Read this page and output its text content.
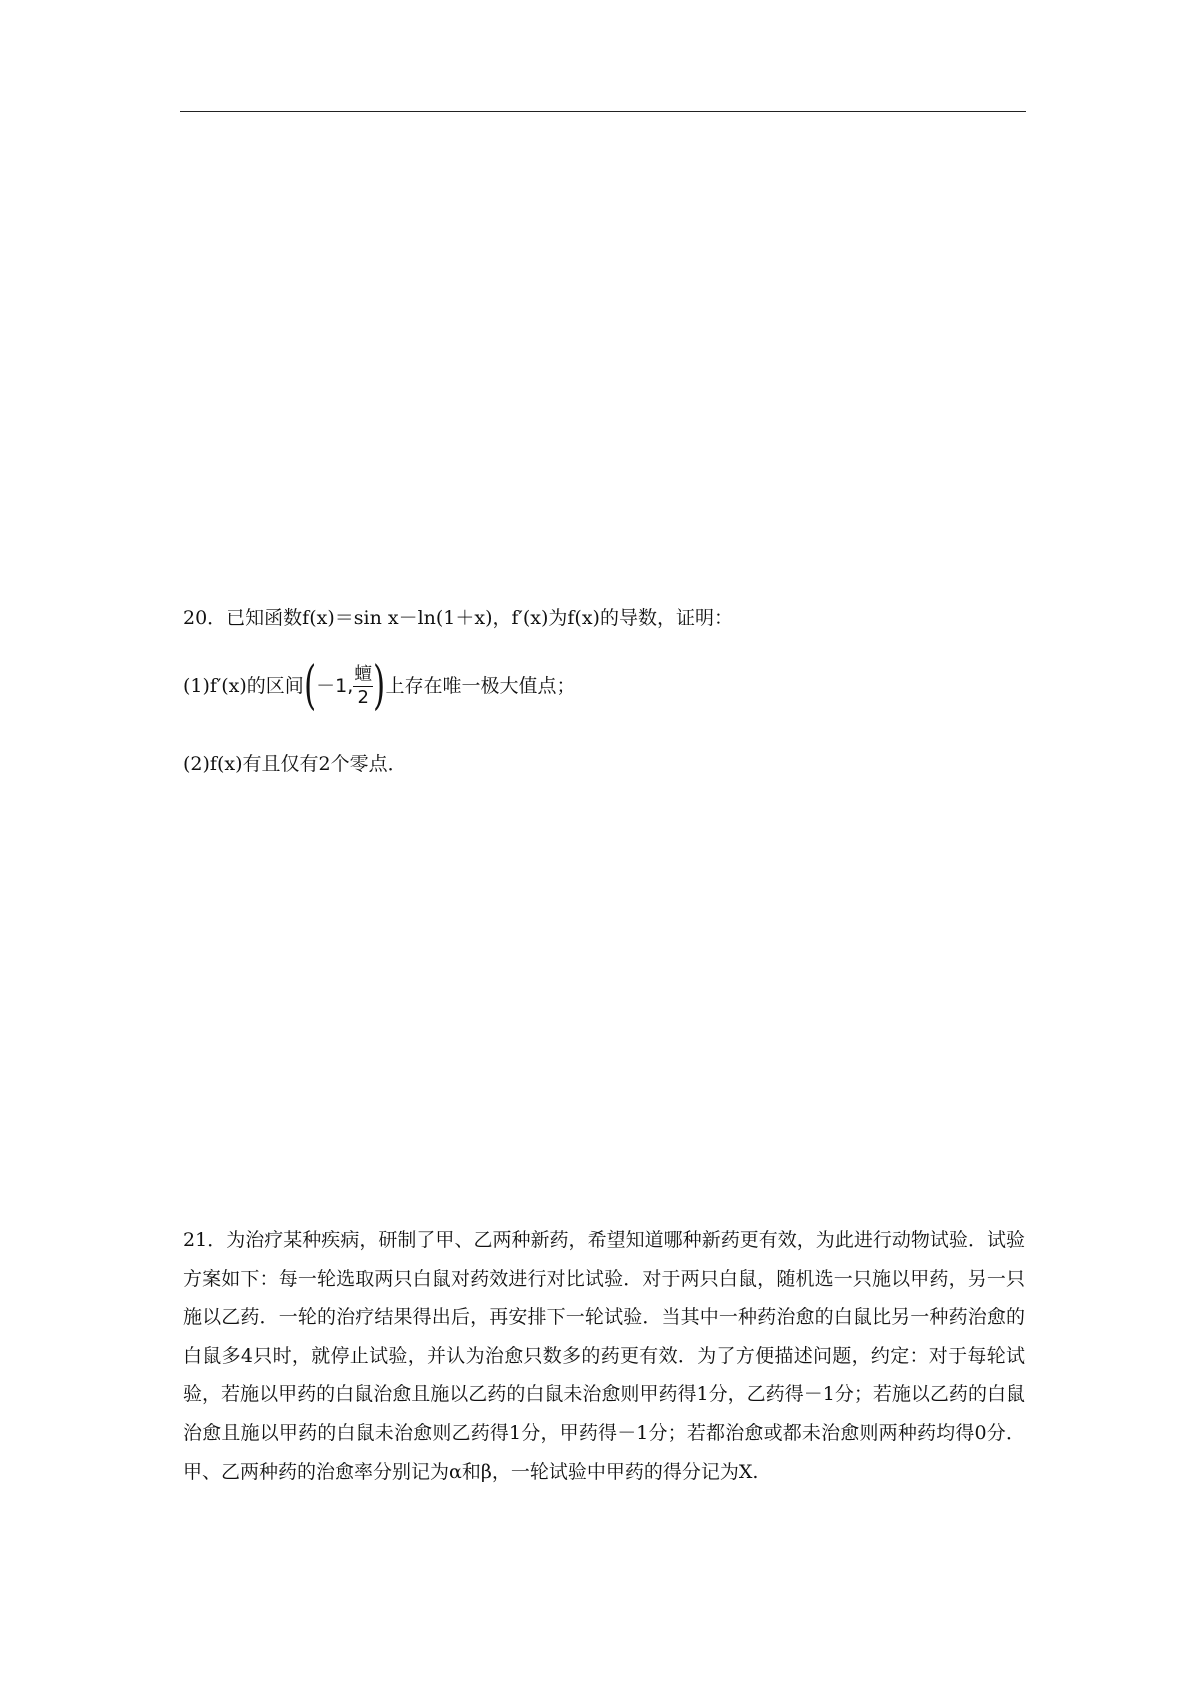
20．已知函数f(x)＝sin x－ln(1＋x)，f′(x)为f(x)的导数，证明：
(1)f′(x)的区间(－1, $\frac{\text{蟺}}{2}$ )上存在唯一极大值点；
(2)f(x)有且仅有2个零点．
21．为治疗某种疾病，研制了甲、乙两种新药，希望知道哪种新药更有效，为此进行动物试验．试验方案如下：每一轮选取两只白鼠对药效进行对比试验．对于两只白鼠，随机选一只施以甲药，另一只施以乙药．一轮的治疗结果得出后，再安排下一轮试验．当其中一种药治愈的白鼠比另一种药治愈的白鼠多4只时，就停止试验，并认为治愈只数多的药更有效．为了方便描述问题，约定：对于每轮试验，若施以甲药的白鼠治愈且施以乙药的白鼠未治愈则甲药得1分，乙药得－1分；若施以乙药的白鼠治愈且施以甲药的白鼠未治愈则乙药得1分，甲药得－1分；若都治愈或都未治愈则两种药均得0分．甲、乙两种药的治愈率分别记为α和β，一轮试验中甲药的得分记为X.
